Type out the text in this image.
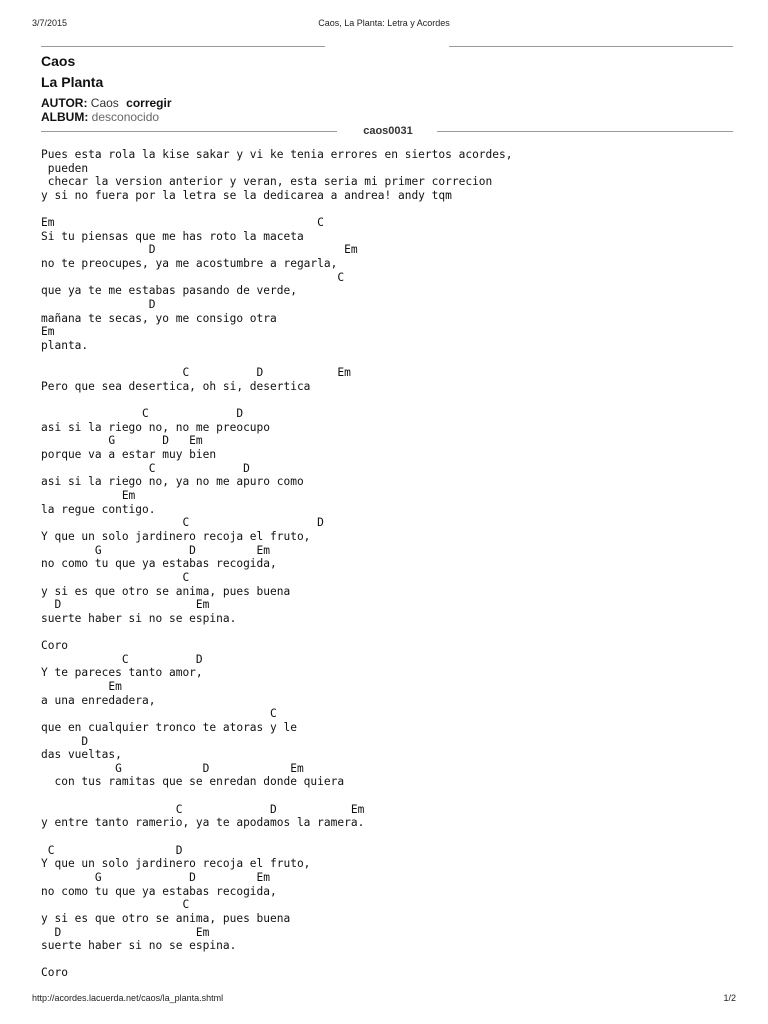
3/7/2015	Caos, La Planta: Letra y Acordes
Caos
La Planta
AUTOR: Caos corregir
ALBUM: desconocido
caos0031
Pues esta rola la kise sakar y vi ke tenia errores en siertos acordes,
pueden
checar la version anterior y veran, esta seria mi primer correcion
y si no fuera por la letra se la dedicarea a andrea! andy tqm
Em                                       C
Si tu piensas que me has roto la maceta
D                            Em
no te preocupes, ya me acostumbre a regarla,
C
que ya te me estabas pasando de verde,
D
mañana te secas, yo me consigo otra
Em
planta.
C          D           Em
Pero que sea desertica, oh si, desertica
C             D
asi si la riego no, no me preocupo
G       D   Em
porque va a estar muy bien
C             D
asi si la riego no, ya no me apuro como
Em
la regue contigo.
C                   D
Y que un solo jardinero recoja el fruto,
G             D         Em
no como tu que ya estabas recogida,
C
y si es que otro se anima, pues buena
D                    Em
suerte haber si no se espina.
Coro
C          D
Y te pareces tanto amor,
Em
a una enredadera,
C
que en cualquier tronco te atoras y le
D
das vueltas,
G            D            Em
con tus ramitas que se enredan donde quiera
C             D           Em
y entre tanto ramerio, ya te apodamos la ramera.
C                  D
Y que un solo jardinero recoja el fruto,
G             D         Em
no como tu que ya estabas recogida,
C
y si es que otro se anima, pues buena
D                    Em
suerte haber si no se espina.
Coro
http://acordes.lacuerda.net/caos/la_planta.shtml	1/2
